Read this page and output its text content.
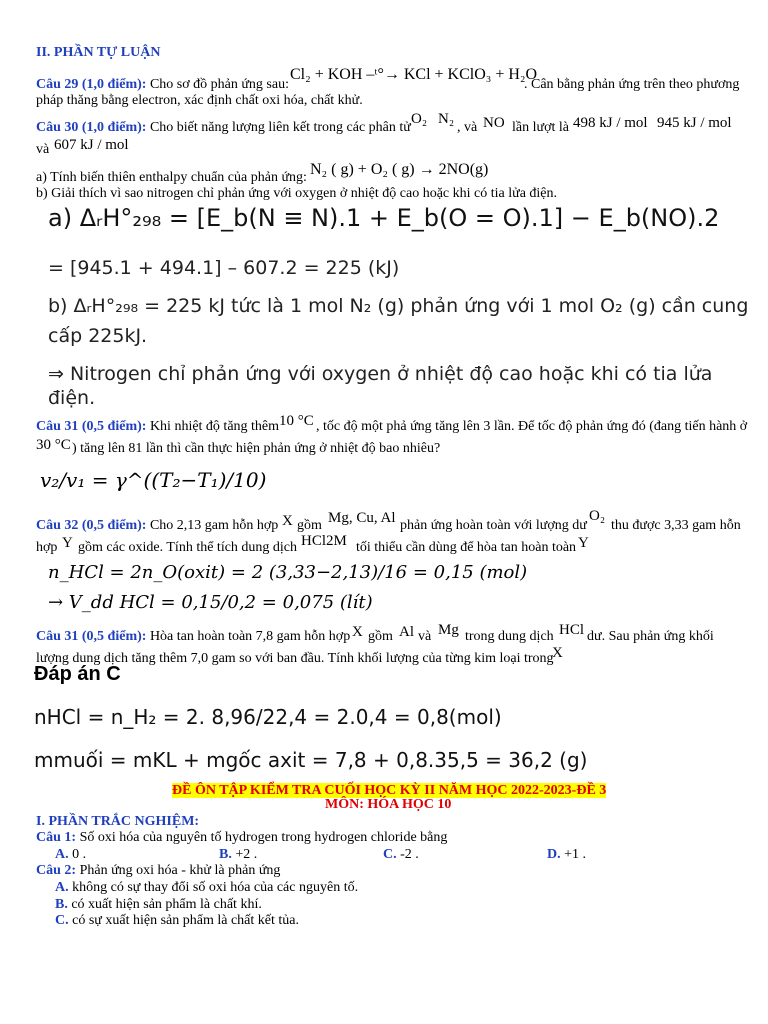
II. PHẦN TỰ LUẬN
Câu 29 (1,0 điểm): Cho sơ đồ phản ứng sau:
Cl₂ + KOH –ᵗ°→ KCl + KClO₃ + H₂O
. Cân bằng phản ứng trên theo phương
pháp thăng bằng electron, xác định chất oxi hóa, chất khử.
Câu 30 (1,0 điểm): Cho biết năng lượng liên kết trong các phân tử
O₂ N₂
, và NO lần lượt là 498 kJ / mol 945 kJ / mol
và 607 kJ / mol
a) Tính biến thiên enthalpy chuẩn của phản ứng: N₂ ( g) + O₂ ( g) → 2NO(g)
b) Giải thích vì sao nitrogen chỉ phản ứng với oxygen ở nhiệt độ cao hoặc khi có tia lửa điện.
a) ΔᵣH°₂₉₈ = [E_b(N ≡ N).1 + E_b(O = O).1] − E_b(NO).2
= [945.1 + 494.1] – 607.2 = 225 (kJ)
b) ΔᵣH°₂₉₈ = 225 kJ tức là 1 mol N₂ (g) phản ứng với 1 mol O₂ (g) cần cung
cấp 225kJ.
⇒ Nitrogen chỉ phản ứng với oxygen ở nhiệt độ cao hoặc khi có tia lửa
điện.
Câu 31 (0,5 điểm): Khi nhiệt độ tăng thêm 10 °C , tốc độ một phả ứng tăng lên 3 lần. Để tốc độ phản ứng đó (đang tiến hành ở
30 °C ) tăng lên 81 lần thì cần thực hiện phản ứng ở nhiệt độ bao nhiêu?
v₂/v₁ = γ^((T₂−T₁)/10)
Câu 32 (0,5 điểm): Cho 2,13 gam hỗn hợp X gồm Mg, Cu, Al phản ứng hoàn toàn với lượng dư
O₂
thu được 3,33 gam hỗn
hợp Y gồm các oxide. Tính thể tích dung dịch HCl2M tối thiểu cần dùng để hòa tan hoàn toàn Y
n_HCl = 2n_O(oxit) = 2 (3,33−2,13)/16 = 0,15 (mol)
→ V_dd HCl = 0,15/0,2 = 0,075 (lít)
Câu 31 (0,5 điểm): Hòa tan hoàn toàn 7,8 gam hỗn hợp X gồm Al và Mg trong dung dịch HCl dư. Sau phản ứng khối
lượng dung dịch tăng thêm 7,0 gam so với ban đầu. Tính khối lượng của từng kim loại trong
X
Đáp án C
nHCl = n_H₂ = 2. 8,96/22,4 = 2.0,4 = 0,8(mol)
mmuối = mKL + mgốc axit = 7,8 + 0,8.35,5 = 36,2 (g)
ĐỀ ÔN TẬP KIỂM TRA CUỐI HỌC KỲ II NĂM HỌC 2022-2023-ĐỀ 3
MÔN: HÓA HỌC 10
I. PHẦN TRẮC NGHIỆM:
Câu 1: Số oxi hóa của nguyên tố hydrogen trong hydrogen chloride bằng
A. 0 .	B. +2 .	C. -2 .	D. +1 .
Câu 2: Phản ứng oxi hóa - khử là phản ứng
A. không có sự thay đổi số oxi hóa của các nguyên tố.
B. có xuất hiện sản phẩm là chất khí.
C. có sự xuất hiện sản phẩm là chất kết tủa.
